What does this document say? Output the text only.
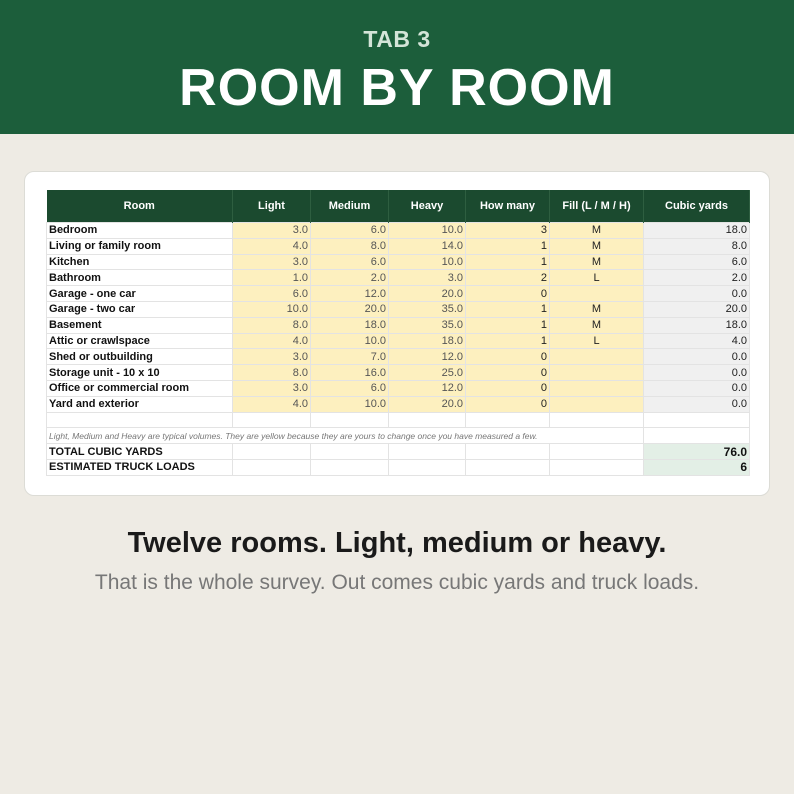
TAB 3
ROOM BY ROOM
Room	Light	Medium	Heavy	How many	Fill (L / M / H)	Cubic yards
Bedroom	3.0	6.0	10.0	3	M	18.0
Living or family room	4.0	8.0	14.0	1	M	8.0
Kitchen	3.0	6.0	10.0	1	M	6.0
Bathroom	1.0	2.0	3.0	2	L	2.0
Garage - one car	6.0	12.0	20.0	0		0.0
Garage - two car	10.0	20.0	35.0	1	M	20.0
Basement	8.0	18.0	35.0	1	M	18.0
Attic or crawlspace	4.0	10.0	18.0	1	L	4.0
Shed or outbuilding	3.0	7.0	12.0	0		0.0
Storage unit - 10 x 10	8.0	16.0	25.0	0		0.0
Office or commercial room	3.0	6.0	12.0	0		0.0
Yard and exterior	4.0	10.0	20.0	0		0.0

Light, Medium and Heavy are typical volumes. They are yellow because they are yours to change once you have measured a few.						
TOTAL CUBIC YARDS						76.0
ESTIMATED TRUCK LOADS						6
Twelve rooms. Light, medium or heavy.
That is the whole survey. Out comes cubic yards and truck loads.
